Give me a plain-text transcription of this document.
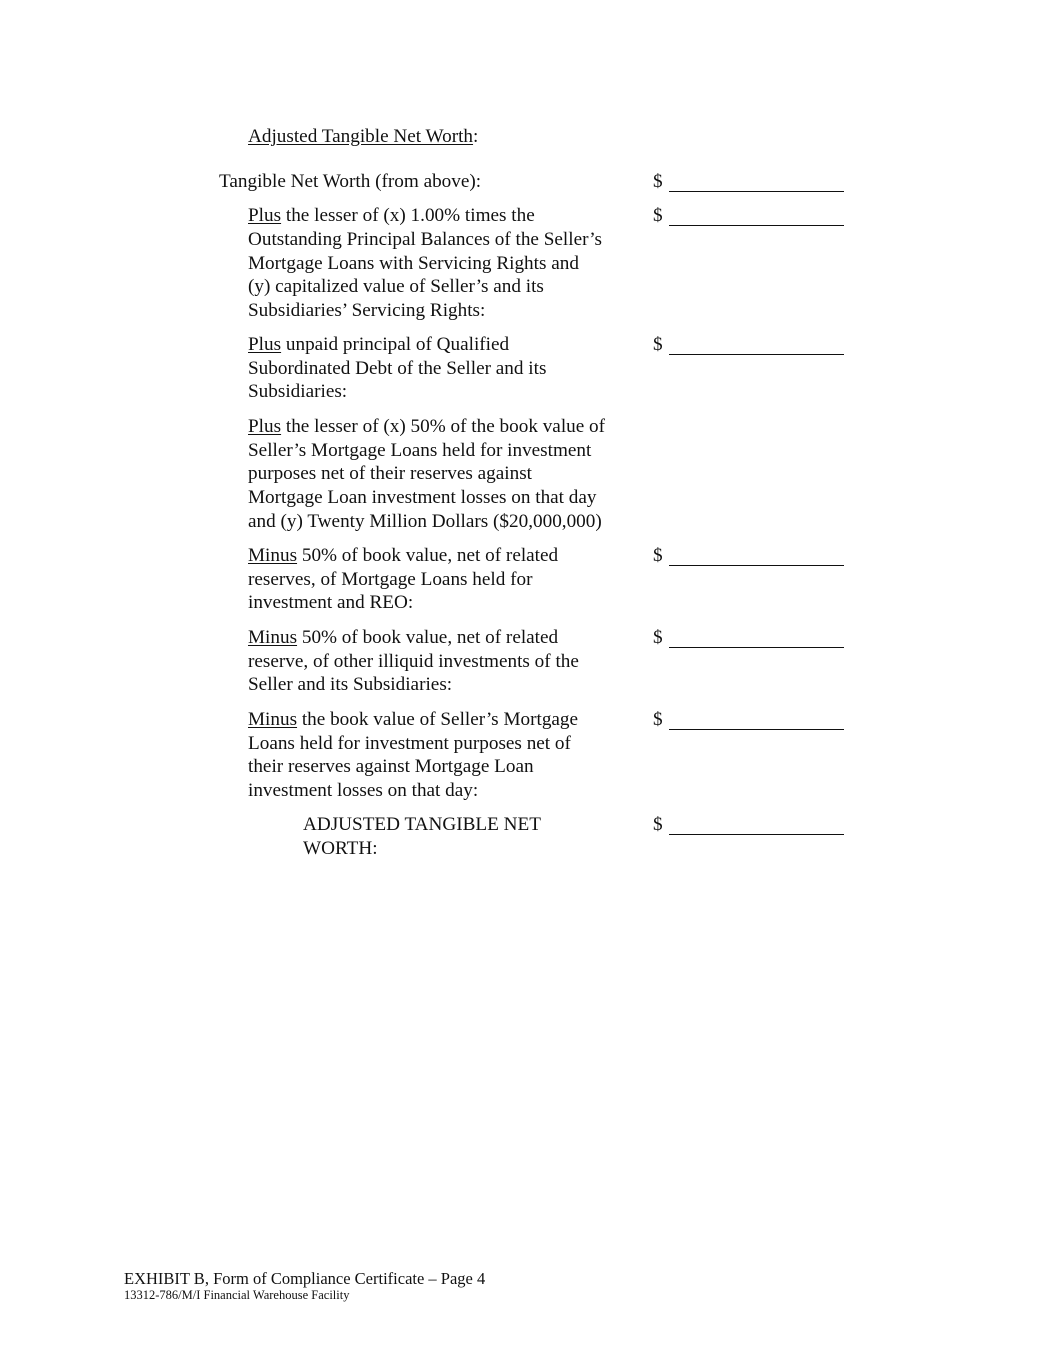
Adjusted Tangible Net Worth:
Tangible Net Worth (from above):	$
Plus the lesser of (x) 1.00% times the
Outstanding Principal Balances of the Seller’s
Mortgage Loans with Servicing Rights and
(y) capitalized value of Seller’s and its
Subsidiaries’ Servicing Rights:
$
Plus unpaid principal of Qualified
Subordinated Debt of the Seller and its
Subsidiaries:
$
Plus the lesser of (x) 50% of the book value of
Seller’s Mortgage Loans held for investment
purposes net of their reserves against
Mortgage Loan investment losses on that day
and (y) Twenty Million Dollars ($20,000,000)
Minus 50% of book value, net of related
reserves, of Mortgage Loans held for
investment and REO:
$
Minus 50% of book value, net of related
reserve, of other illiquid investments of the
Seller and its Subsidiaries:
$
Minus the book value of Seller’s Mortgage
Loans held for investment purposes net of
their reserves against Mortgage Loan
investment losses on that day:
$
ADJUSTED TANGIBLE NET
WORTH:
$
EXHIBIT B, Form of Compliance Certificate – Page 4
13312-786/M/I Financial Warehouse Facility
